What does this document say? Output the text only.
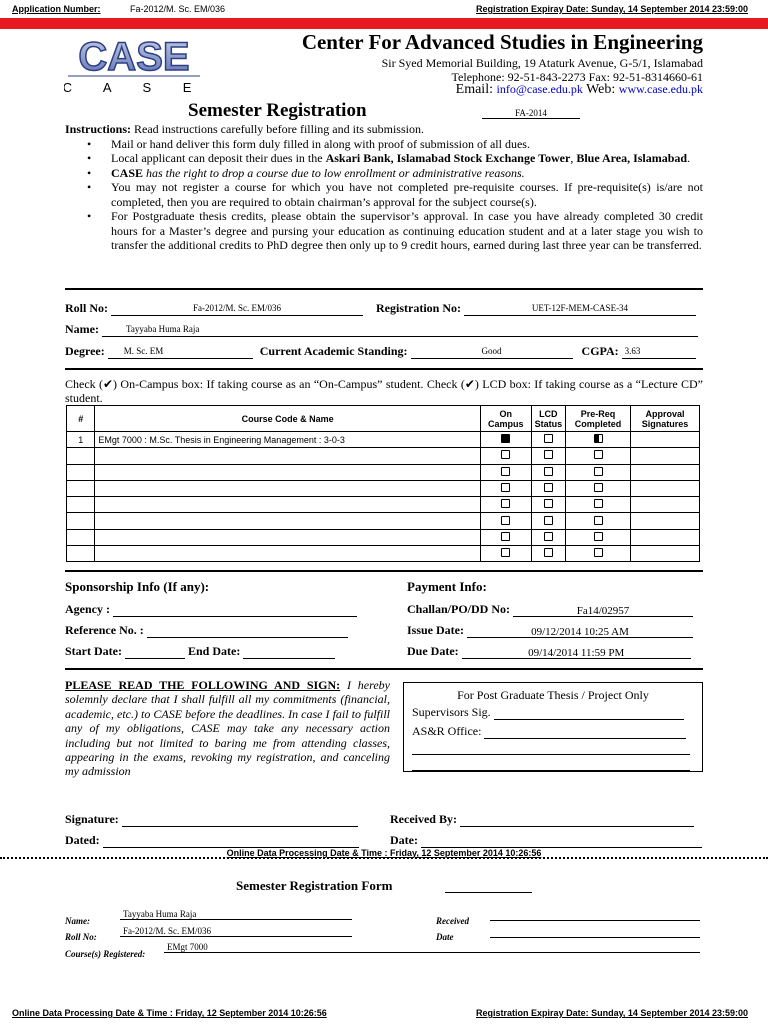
Application Number:	Fa-2012/M. Sc. EM/036	Registration Expiray Date: Sunday, 14 September 2014 23:59:00
CASE
C A S E
Center For Advanced Studies in Engineering
Sir Syed Memorial Building, 19 Ataturk Avenue, G-5/1, Islamabad
Telephone: 92-51-843-2273 Fax: 92-51-8314660-61
Email: info@case.edu.pk Web: www.case.edu.pk
Semester Registration	FA-2014
Instructions: Read instructions carefully before filling and its submission.
• Mail or hand deliver this form duly filled in along with proof of submission of all dues.
• Local applicant can deposit their dues in the Askari Bank, Islamabad Stock Exchange Tower, Blue Area, Islamabad.
• CASE has the right to drop a course due to low enrollment or administrative reasons.
• You may not register a course for which you have not completed pre-requisite courses. If pre-requisite(s) is/are not completed, then you are required to obtain chairman’s approval for the subject course(s).
• For Postgraduate thesis credits, please obtain the supervisor’s approval. In case you have already completed 30 credit hours for a Master’s degree and pursing your education as continuing education student and at a later stage you wish to transfer the additional credits to PhD degree then only up to 9 credit hours, earned during last three year can be transferred.
Roll No:	Fa-2012/M. Sc. EM/036	Registration No:	UET-12F-MEM-CASE-34
Name:	Tayyaba Huma Raja
Degree: M. Sc. EM	Current Academic Standing:	Good	CGPA: 3.63
Check (✔) On-Campus box: If taking course as an “On-Campus” student. Check (✔) LCD box: If taking course as a “Lecture CD” student.
#	Course Code & Name	On Campus	LCD Status	Pre-Req Completed	Approval Signatures
1	EMgt 7000 : M.Sc. Thesis in Engineering Management : 3-0-3				

Sponsorship Info (If any):
Agency :
Reference No. :
Start Date:	End Date:
Payment Info:
Challan/PO/DD No:	Fa14/02957
Issue Date:	09/12/2014 10:25 AM
Due Date:	09/14/2014 11:59 PM
PLEASE READ THE FOLLOWING AND SIGN: I hereby solemnly declare that I shall fulfill all my commitments (financial, academic, etc.) to CASE before the deadlines. In case I fail to fulfill any of my obligations, CASE may take any necessary action including but not limited to baring me from attending classes, appearing in the exams, revoking my registration, and canceling my admission
For Post Graduate Thesis / Project Only
Supervisors Sig.
AS&R Office:
Signature:	Received By:
Dated:	Date:
Online Data Processing Date & Time : Friday, 12 September 2014 10:26:56
Semester Registration Form
Name:
Tayyaba Huma Raja
Roll No:
Fa-2012/M. Sc. EM/036
Received
Date
Course(s) Registered:
EMgt 7000
Online Data Processing Date & Time : Friday, 12 September 2014 10:26:56	Registration Expiray Date: Sunday, 14 September 2014 23:59:00
